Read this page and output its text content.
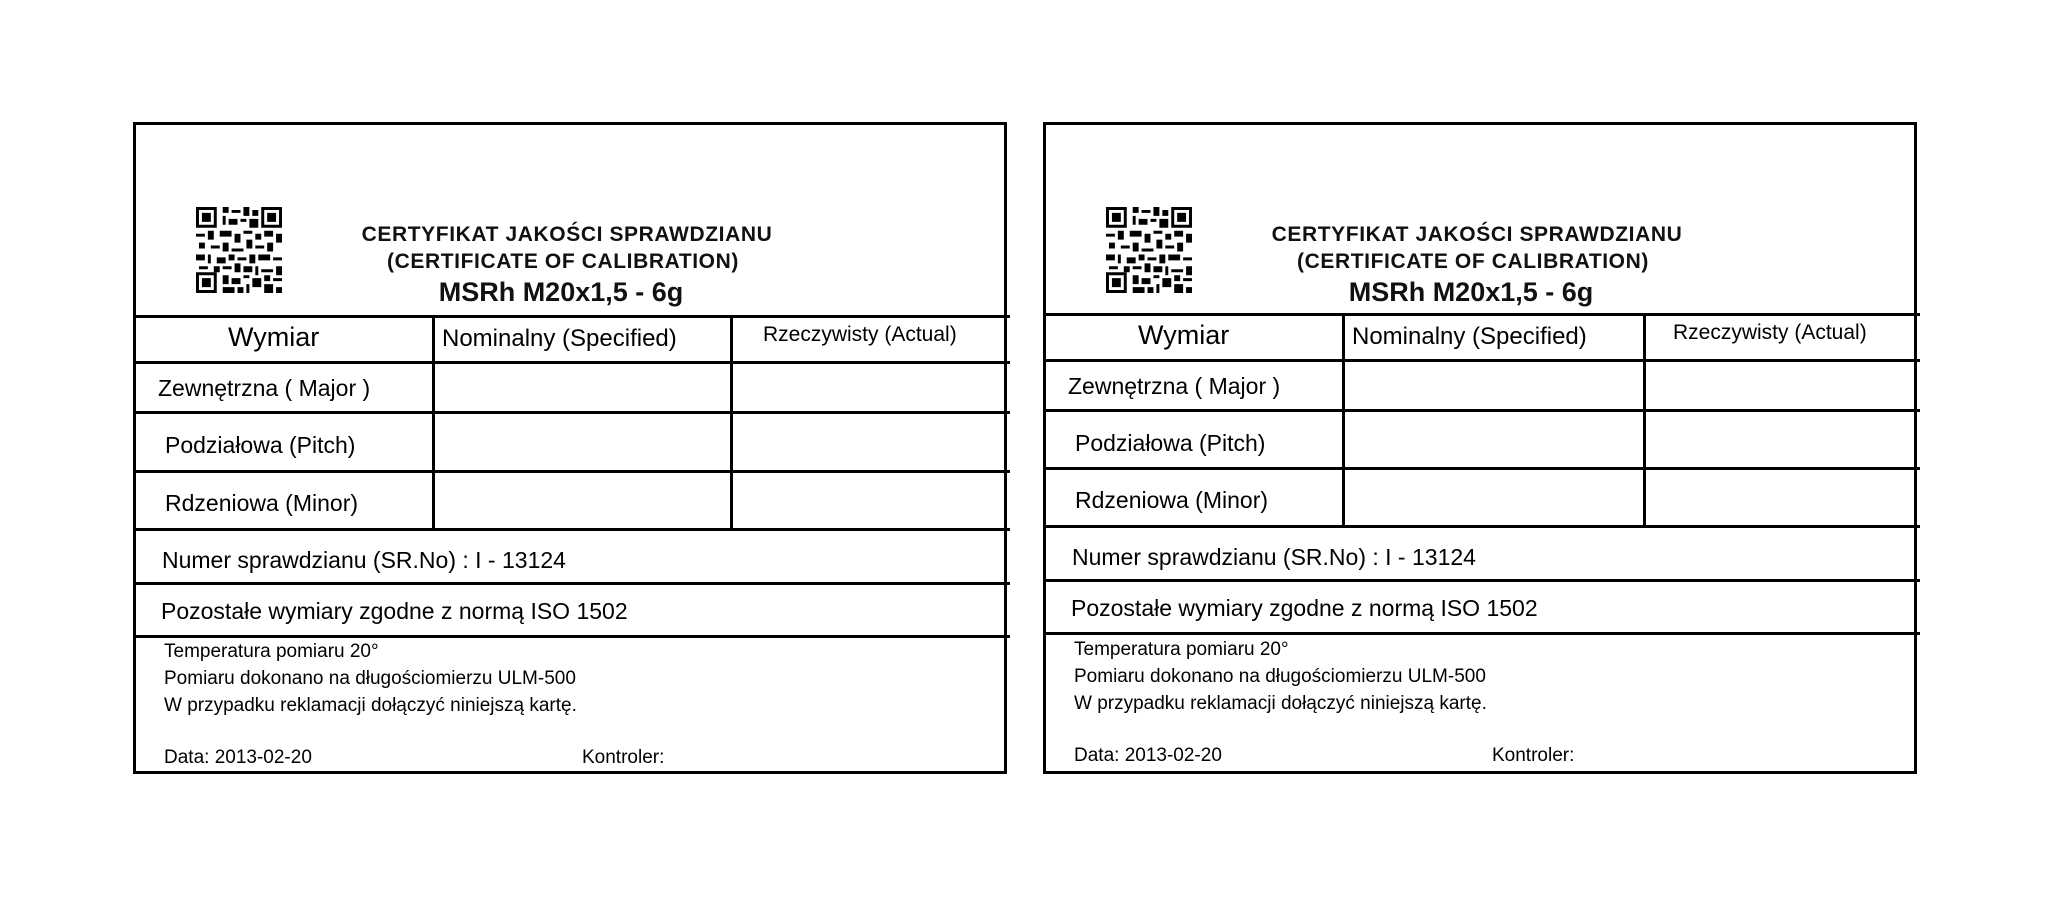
CERTYFIKAT JAKOŚCI SPRAWDZIANU
(CERTIFICATE OF CALIBRATION)
MSRh M20x1,5 - 6g
Wymiar	Nominalny (Specified)	Rzeczywisty (Actual)
Zewnętrzna ( Major )
Podziałowa (Pitch)
Rdzeniowa (Minor)
Numer sprawdzianu (SR.No) : I - 13124
Pozostałe wymiary zgodne z normą ISO 1502
Temperatura pomiaru 20°
Pomiaru dokonano na długościomierzu ULM-500
W przypadku reklamacji dołączyć niniejszą kartę.
Data: 2013-02-20	Kontroler:
CERTYFIKAT JAKOŚCI SPRAWDZIANU
(CERTIFICATE OF CALIBRATION)
MSRh M20x1,5 - 6g
Wymiar	Nominalny (Specified)	Rzeczywisty (Actual)
Zewnętrzna ( Major )
Podziałowa (Pitch)
Rdzeniowa (Minor)
Numer sprawdzianu (SR.No) : I - 13124
Pozostałe wymiary zgodne z normą ISO 1502
Temperatura pomiaru 20°
Pomiaru dokonano na długościomierzu ULM-500
W przypadku reklamacji dołączyć niniejszą kartę.
Data: 2013-02-20	Kontroler:
